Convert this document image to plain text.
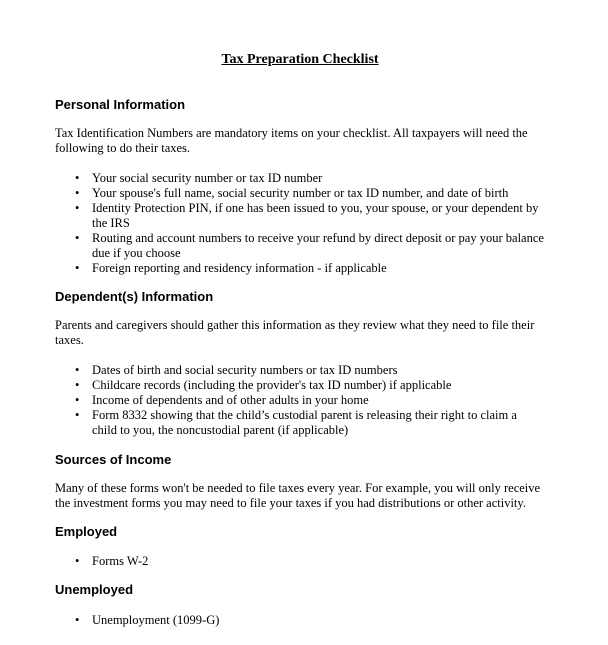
Tax Preparation Checklist
Personal Information

Tax Identification Numbers are mandatory items on your checklist. All taxpayers will need the following to do their taxes.

• Your social security number or tax ID number
• Your spouse's full name, social security number or tax ID number, and date of birth
• Identity Protection PIN, if one has been issued to you, your spouse, or your dependent by the IRS
• Routing and account numbers to receive your refund by direct deposit or pay your balance due if you choose
• Foreign reporting and residency information - if applicable
Dependent(s) Information

Parents and caregivers should gather this information as they review what they need to file their taxes.

• Dates of birth and social security numbers or tax ID numbers
• Childcare records (including the provider's tax ID number) if applicable
• Income of dependents and of other adults in your home
• Form 8332 showing that the child’s custodial parent is releasing their right to claim a child to you, the noncustodial parent (if applicable)
Sources of Income

Many of these forms won't be needed to file taxes every year. For example, you will only receive the investment forms you may need to file your taxes if you had distributions or other activity.

Employed
• Forms W-2
Unemployed
• Unemployment (1099-G)
